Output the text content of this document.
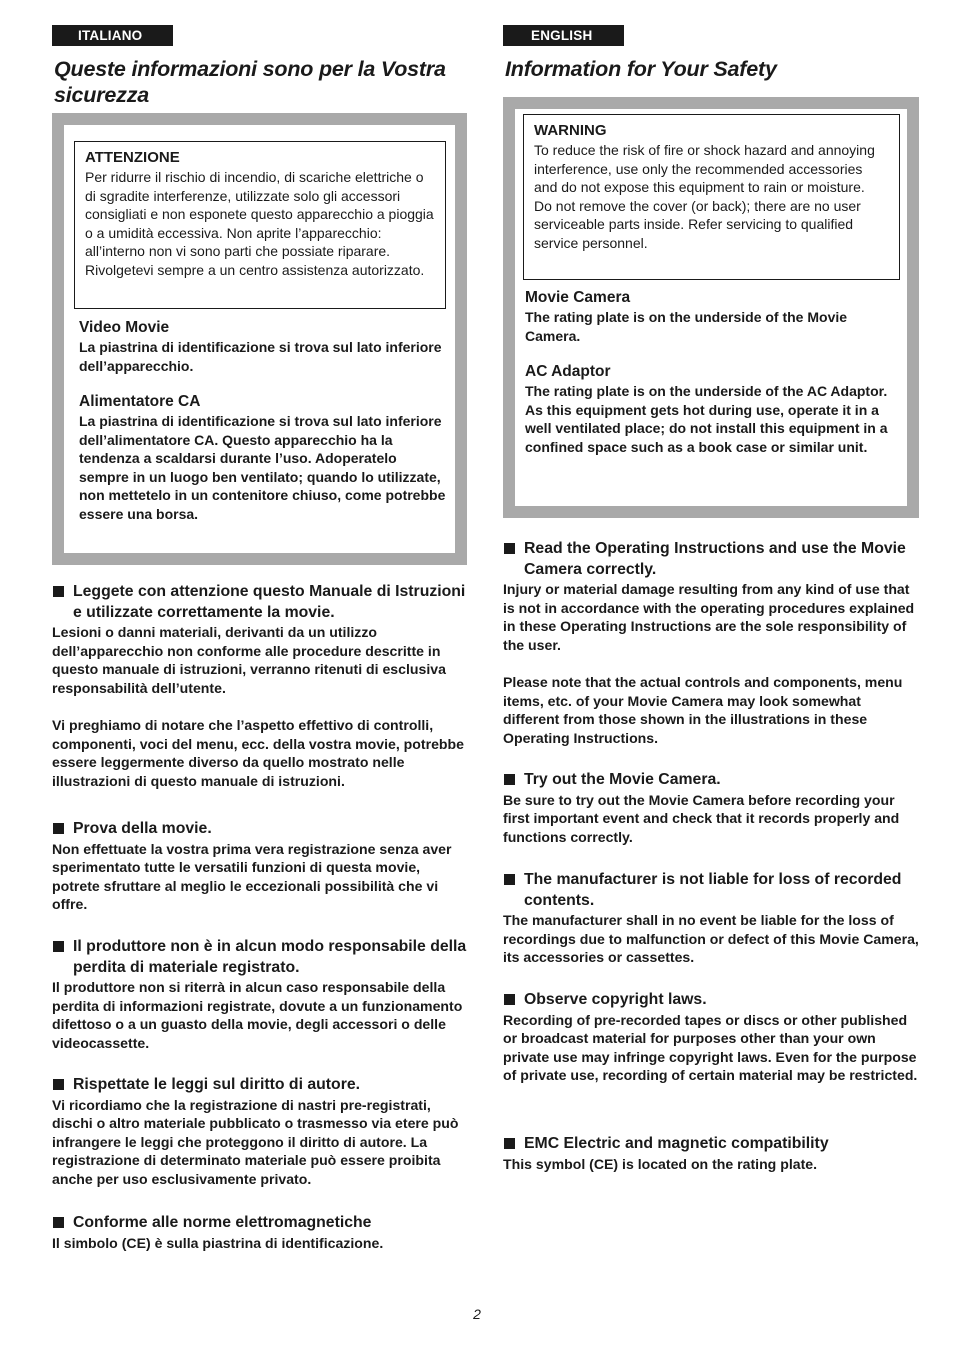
ITALIANO
Queste informazioni sono per la Vostra sicurezza
ATTENZIONE

Per ridurre il rischio di incendio, di scariche elettriche o di sgradite interferenze, utilizzate solo gli accessori consigliati e non esponete questo apparecchio a pioggia o a umidità eccessiva. Non aprite l’apparecchio: all’interno non vi sono parti che possiate riparare. Rivolgetevi sempre a un centro assistenza autorizzato.

Video Movie
La piastrina di identificazione si trova sul lato inferiore dell’apparecchio.
Alimentatore CA
La piastrina di identificazione si trova sul lato inferiore dell’alimentatore CA. Questo apparecchio ha la tendenza a scaldarsi durante l’uso. Adoperatelo sempre in un luogo ben ventilato; quando lo utilizzate, non mettetelo in un contenitore chiuso, come potrebbe essere una borsa.
Leggete con attenzione questo Manuale di Istruzioni e utilizzate correttamente la movie.

Lesioni o danni materiali, derivanti da un utilizzo dell’apparecchio non conforme alle procedure descritte in questo manuale di istruzioni, verranno ritenuti di esclusiva responsabilità dell’utente.

Vi preghiamo di notare che l’aspetto effettivo di controlli, componenti, voci del menu, ecc. della vostra movie, potrebbe essere leggermente diverso da quello mostrato nelle illustrazioni di questo manuale di istruzioni.

Prova della movie.

Non effettuate la vostra prima vera registrazione senza aver sperimentato tutte le versatili funzioni di questa movie, potrete sfruttare al meglio le eccezionali possibilità che vi offre.

Il produttore non è in alcun modo responsabile della perdita di materiale registrato.

Il produttore non si riterrà in alcun caso responsabile della perdita di informazioni registrate, dovute a un funzionamento difettoso o a un guasto della movie, degli accessori o delle videocassette.

Rispettate le leggi sul diritto di autore.

Vi ricordiamo che la registrazione di nastri pre-registrati, dischi o altro materiale pubblicato o trasmesso via etere può infrangere le leggi che proteggono il diritto di autore. La registrazione di determinato materiale può essere proibita anche per uso esclusivamente privato.

Conforme alle norme elettromagnetiche

Il simbolo (CE) è sulla piastrina di identificazione.

ENGLISH
Information for Your Safety
WARNING

To reduce the risk of fire or shock hazard and annoying interference, use only the recommended accessories and do not expose this equipment to rain or moisture.

Do not remove the cover (or back); there are no user serviceable parts inside. Refer servicing to qualified service personnel.

Movie Camera
The rating plate is on the underside of the Movie Camera.
AC Adaptor
The rating plate is on the underside of the AC Adaptor. As this equipment gets hot during use, operate it in a well ventilated place; do not install this equipment in a confined space such as a book case or similar unit.
Read the Operating Instructions and use the Movie Camera correctly.

Injury or material damage resulting from any kind of use that is not in accordance with the operating procedures explained in these Operating Instructions are the sole responsibility of the user.

Please note that the actual controls and components, menu items, etc. of your Movie Camera may look somewhat different from those shown in the illustrations in these Operating Instructions.

Try out the Movie Camera.

Be sure to try out the Movie Camera before recording your first important event and check that it records properly and functions correctly.

The manufacturer is not liable for loss of recorded contents.

The manufacturer shall in no event be liable for the loss of recordings due to malfunction or defect of this Movie Camera, its accessories or cassettes.

Observe copyright laws.

Recording of pre-recorded tapes or discs or other published or broadcast material for purposes other than your own private use may infringe copyright laws. Even for the purpose of private use, recording of certain material may be restricted.

EMC Electric and magnetic compatibility

This symbol (CE) is located on the rating plate.

2
